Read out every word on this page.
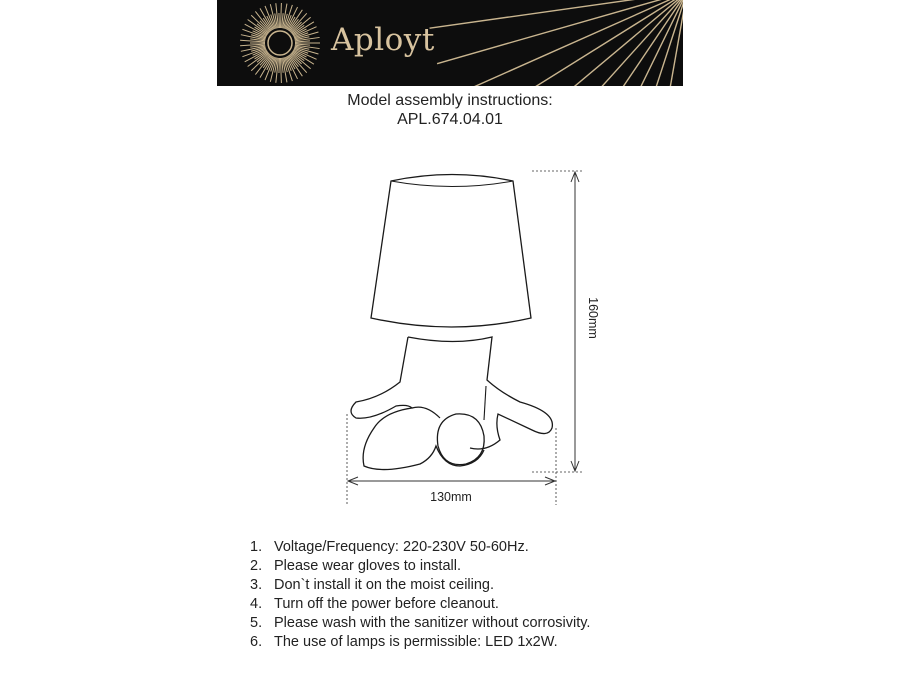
Aployt
Model assembly instructions:
APL.674.04.01
160mm
130mm
1. Voltage/Frequency: 220-230V 50-60Hz.
2. Please wear gloves to install.
3. Don`t install it on the moist ceiling.
4. Turn off the power before cleanout.
5. Please wash with the sanitizer without corrosivity.
6. The use of lamps is permissible: LED 1x2W.
